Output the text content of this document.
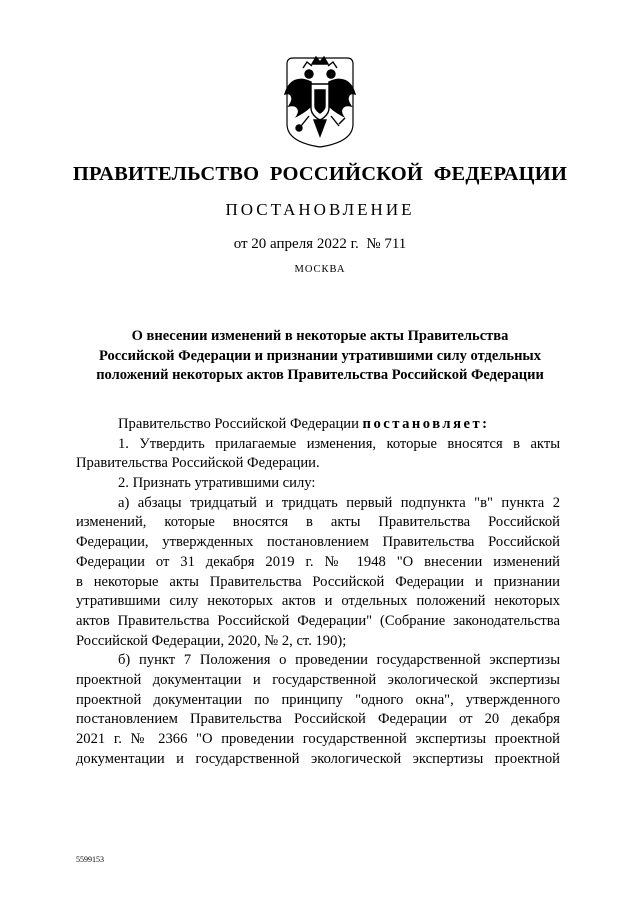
ПРАВИТЕЛЬСТВО  РОССИЙСКОЙ  ФЕДЕРАЦИИ
ПОСТАНОВЛЕНИЕ
от 20 апреля 2022 г.  № 711
МОСКВА
О внесении изменений в некоторые акты Правительства
Российской Федерации и признании утратившими силу отдельных
положений некоторых актов Правительства Российской Федерации
Правительство Российской Федерации постановляет:
1. Утвердить прилагаемые изменения, которые вносятся в акты
Правительства Российской Федерации.
2. Признать утратившими силу:
а) абзацы тридцатый и тридцать первый подпункта "в" пункта 2
изменений, которые вносятся в акты Правительства Российской
Федерации, утвержденных постановлением Правительства Российской
Федерации от 31 декабря 2019 г. № 1948 "О внесении изменений
в некоторые акты Правительства Российской Федерации и признании
утратившими силу некоторых актов и отдельных положений некоторых
актов Правительства Российской Федерации" (Собрание законодательства
Российской Федерации, 2020, № 2, ст. 190);
б) пункт 7 Положения о проведении государственной экспертизы
проектной документации и государственной экологической экспертизы
проектной документации по принципу "одного окна", утвержденного
постановлением Правительства Российской Федерации от 20 декабря
2021 г. № 2366 "О проведении государственной экспертизы проектной
документации и государственной экологической экспертизы проектной
5599153
